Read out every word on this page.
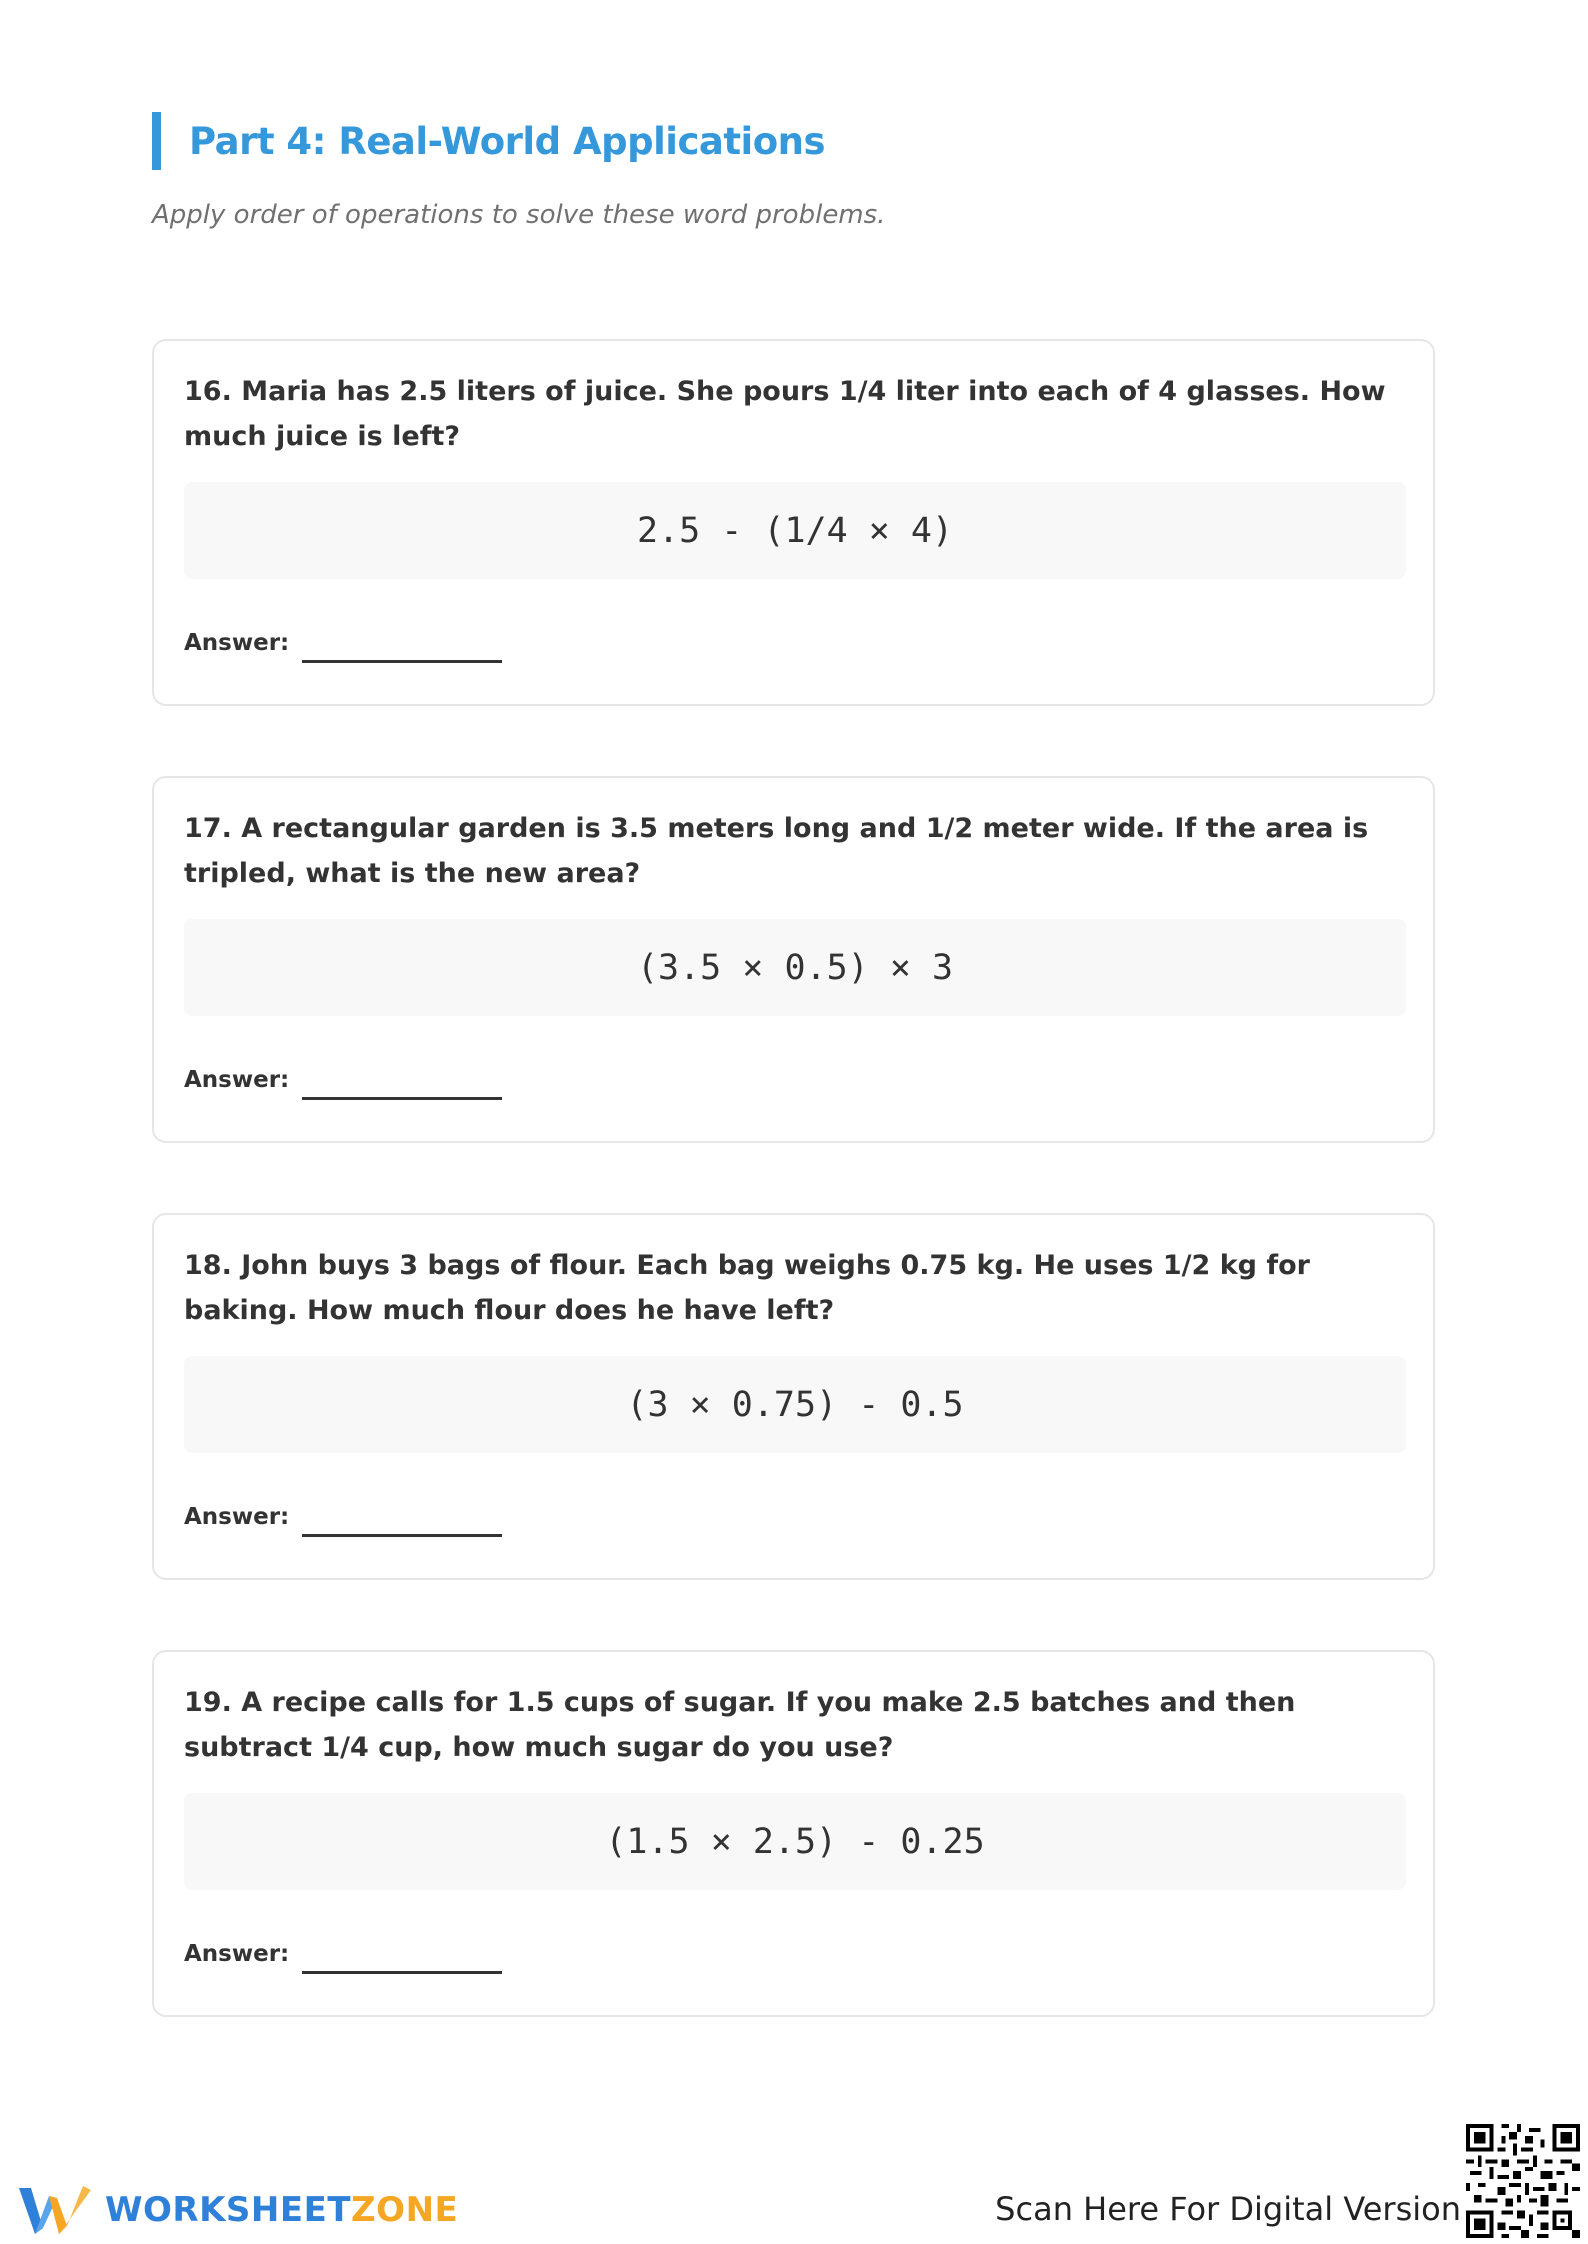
Part 4: Real-World Applications
Apply order of operations to solve these word problems.
16. Maria has 2.5 liters of juice. She pours 1/4 liter into each of 4 glasses. How much juice is left?
2.5 - (1/4 × 4)
Answer:
17. A rectangular garden is 3.5 meters long and 1/2 meter wide. If the area is tripled, what is the new area?
(3.5 × 0.5) × 3
Answer:
18. John buys 3 bags of flour. Each bag weighs 0.75 kg. He uses 1/2 kg for baking. How much flour does he have left?
(3 × 0.75) - 0.5
Answer:
19. A recipe calls for 1.5 cups of sugar. If you make 2.5 batches and then subtract 1/4 cup, how much sugar do you use?
(1.5 × 2.5) - 0.25
Answer:
WORKSHEETZONE	Scan Here For Digital Version
